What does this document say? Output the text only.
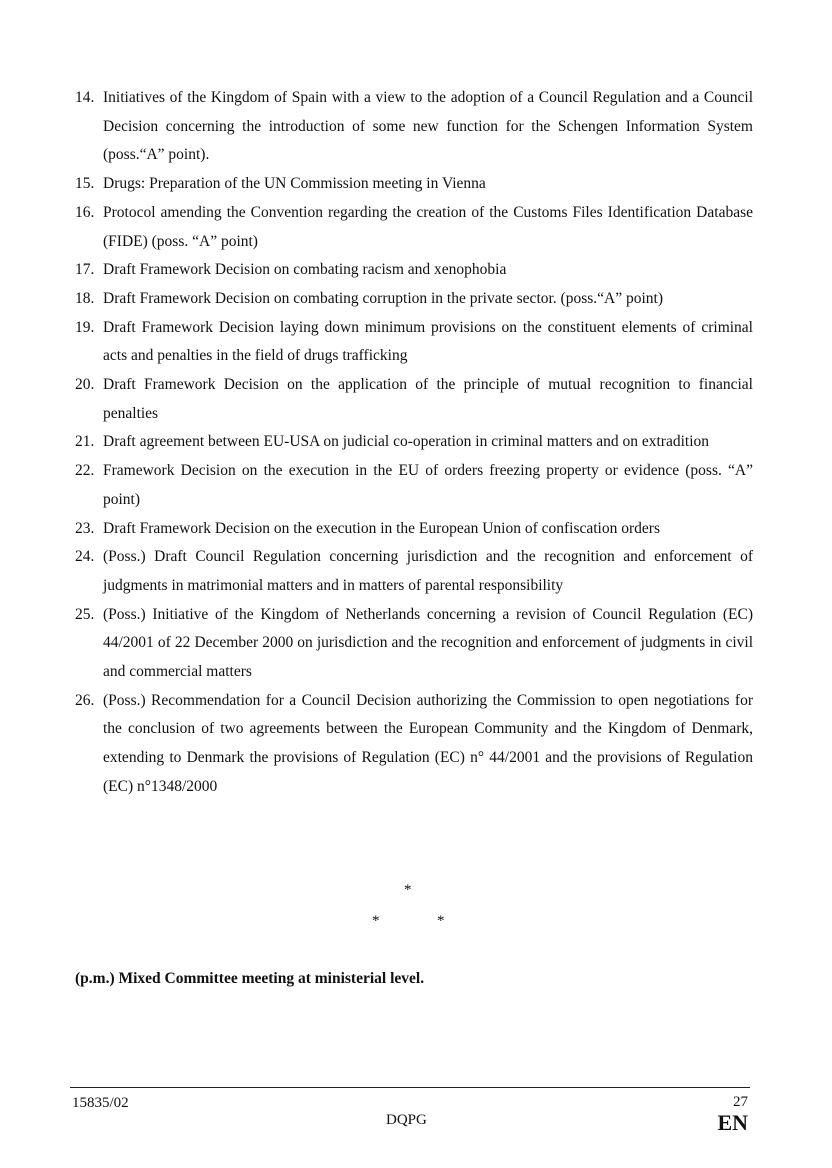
14. Initiatives of the Kingdom of Spain with a view to the adoption of a Council Regulation and a Council Decision concerning the introduction of some new function for the Schengen Information System (poss.“A” point).
15. Drugs: Preparation of the UN Commission meeting in Vienna
16. Protocol amending the Convention regarding the creation of the Customs Files Identification Database (FIDE) (poss. “A” point)
17. Draft Framework Decision on combating racism and xenophobia
18. Draft Framework Decision on combating corruption in the private sector. (poss.“A” point)
19. Draft Framework Decision laying down minimum provisions on the constituent elements of criminal acts and penalties in the field of drugs trafficking
20. Draft Framework Decision on the application of the principle of mutual recognition to financial penalties
21. Draft agreement between EU-USA on judicial co-operation in criminal matters and on extradition
22. Framework Decision on the execution in the EU of orders freezing property or evidence (poss. “A” point)
23. Draft Framework Decision on the execution in the European Union of confiscation orders
24. (Poss.) Draft Council Regulation concerning jurisdiction and the recognition and enforcement of judgments in matrimonial matters and in matters of parental responsibility
25. (Poss.) Initiative of the Kingdom of Netherlands concerning a revision of Council Regulation (EC) 44/2001 of 22 December 2000 on jurisdiction and the recognition and enforcement of judgments in civil and commercial matters
26. (Poss.) Recommendation for a Council Decision authorizing the Commission to open negotiations for the conclusion of two agreements between the European Community and the Kingdom of Denmark, extending to Denmark the provisions of Regulation (EC) n° 44/2001 and the provisions of Regulation (EC) n°1348/2000
*
*	*
(p.m.) Mixed Committee meeting at ministerial level.
15835/02
DQPG
27
EN
